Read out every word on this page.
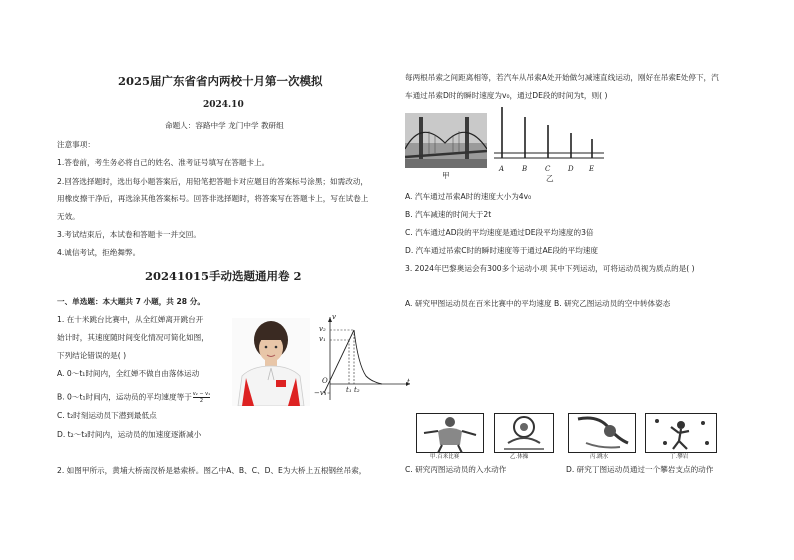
2025届广东省省内两校十月第一次模拟
2024.10
命题人：容路中学 龙门中学 教研组
注意事项：
1.答卷前，考生务必将自己的姓名、准考证号填写在答题卡上。
2.回答选择题时，选出每小题答案后，用铅笔把答题卡对应题目的答案标号涂黑；如需改动，
用橡皮擦干净后，再选涂其他答案标号。回答非选择题时，将答案写在答题卡上，写在试卷上
无效。
3.考试结束后，本试卷和答题卡一并交回。
4.诚信考试，拒绝舞弊。
20241015手动选题通用卷 2
一、单选题：本大题共 7 小题，共 28 分。
1. 在十米跳台比赛中，从全红婵离开跳台开
始计时，其速度随时间变化情况可简化如图，
下列结论错误的是( )
A. 0～t₁时间内，全红婵不做自由落体运动
B. 0～t₁时间内，运动员的平均速度等于 $\frac{\text{v₂ − v₁}}{2}$
C. t₂时刻运动员下潜到最低点
D. t₂～t₃时间内，运动员的加速度逐渐减小
v
v₂
v₁
O
−v₁
t
t₁ t₂
2. 如图甲所示，黄埔大桥南汊桥是悬索桥。图乙中A、B、C、D、E为大桥上五根钢丝吊索，
每两根吊索之间距离相等，若汽车从吊索A处开始做匀减速直线运动，刚好在吊索E处停下，汽
车通过吊索D时的瞬时速度为v₀，通过DE段的时间为t，则( )
甲
A	B	C	D E
乙
A. 汽车通过吊索A时的速度大小为4v₀
B. 汽车减速的时间大于2t
C. 汽车通过AD段的平均速度是通过DE段平均速度的3倍
D. 汽车通过吊索C时的瞬时速度等于通过AE段的平均速度
3. 2024年巴黎奥运会有300多个运动小项 其中下列运动，可将运动员视为质点的是( )
A. 研究甲图运动员在百米比赛中的平均速度 B. 研究乙图运动员的空中转体姿态
甲.百米比赛	乙.体操	丙.跳水	丁.攀岩
C. 研究丙图运动员的入水动作	D. 研究丁图运动员通过一个攀岩支点的动作
